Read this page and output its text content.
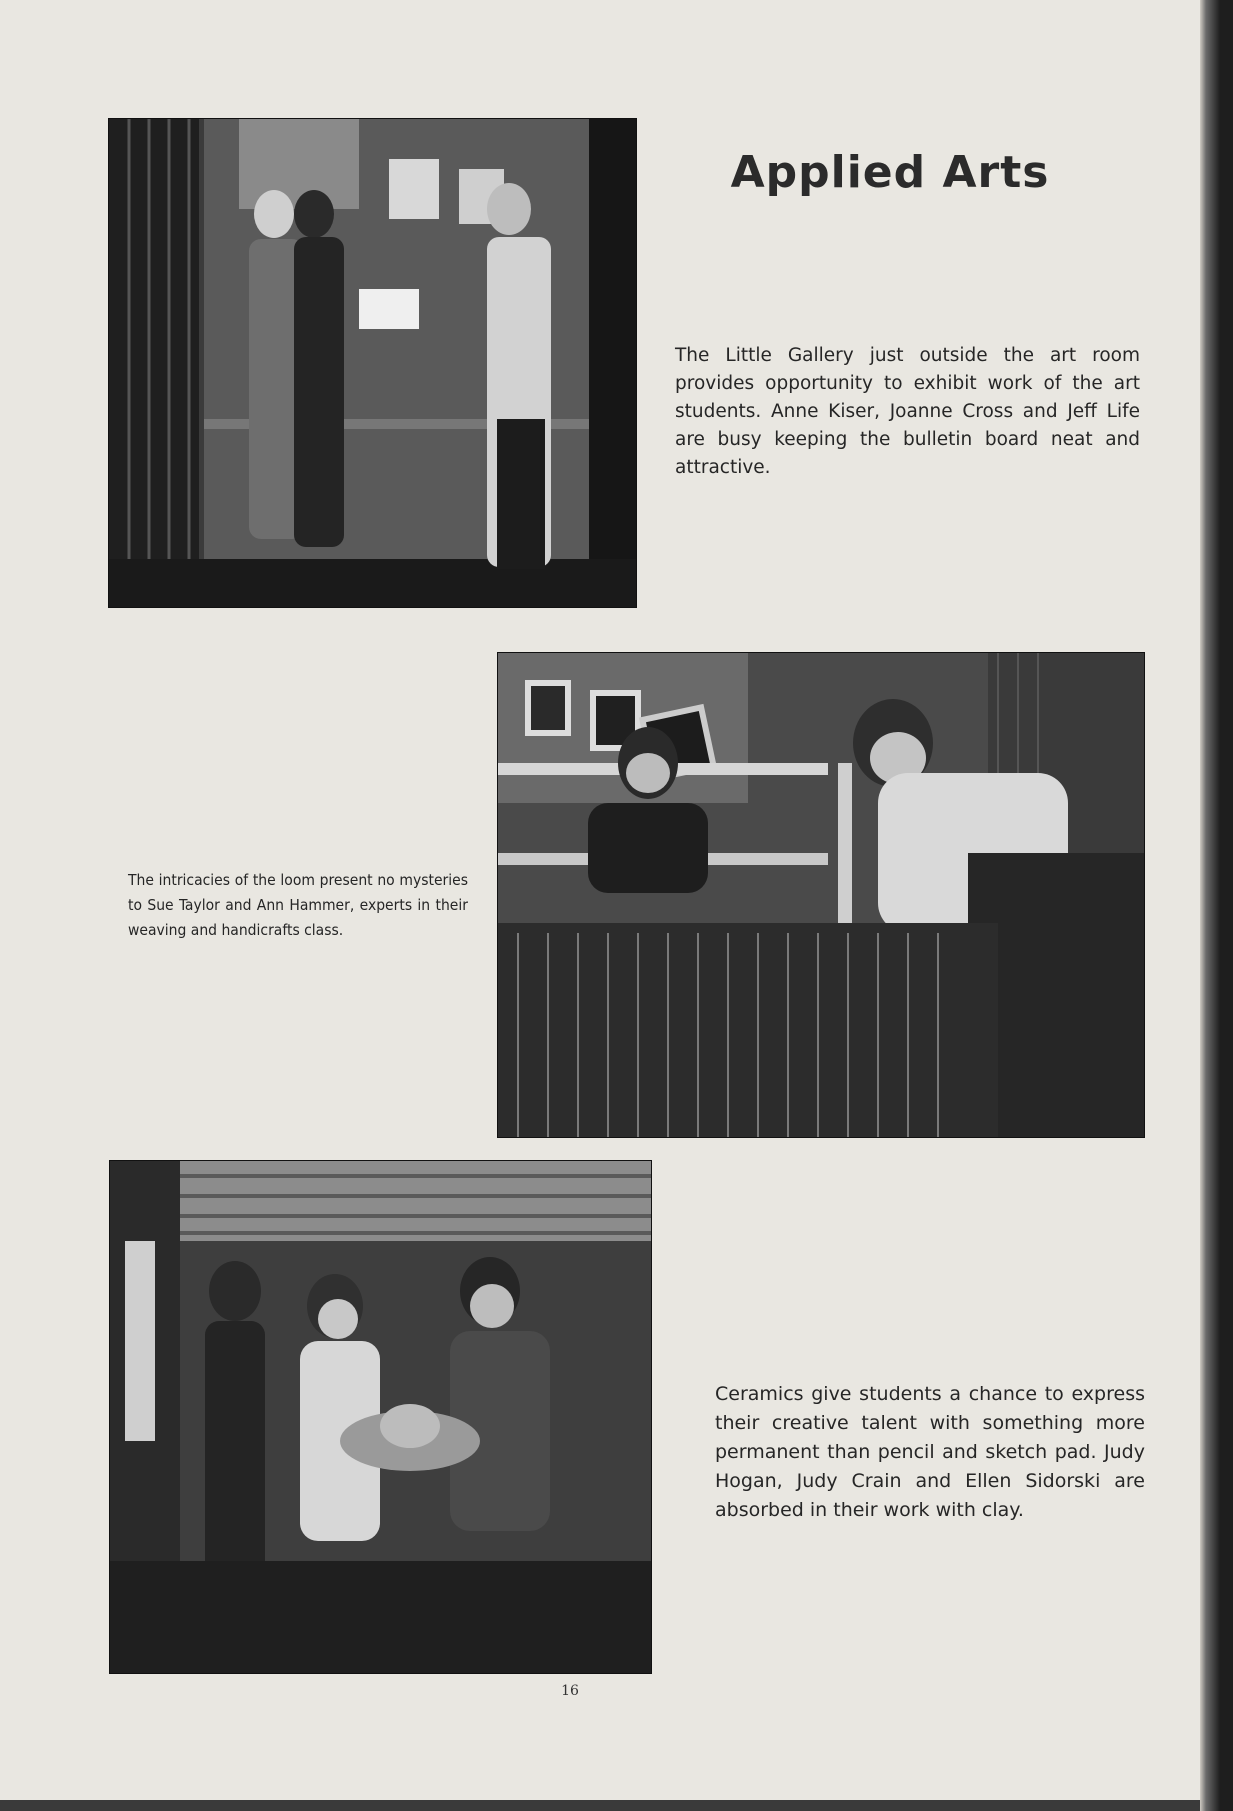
Applied Arts

The Little Gallery just outside the art room provides opportunity to exhibit work of the art students. Anne Kiser, Joanne Cross and Jeff Life are busy keeping the bulletin board neat and attractive.

The intricacies of the loom present no mysteries to Sue Taylor and Ann Hammer, experts in their weaving and handicrafts class.

Ceramics give students a chance to express their creative talent with something more permanent than pencil and sketch pad. Judy Hogan, Judy Crain and Ellen Sidorski are absorbed in their work with clay.

16
